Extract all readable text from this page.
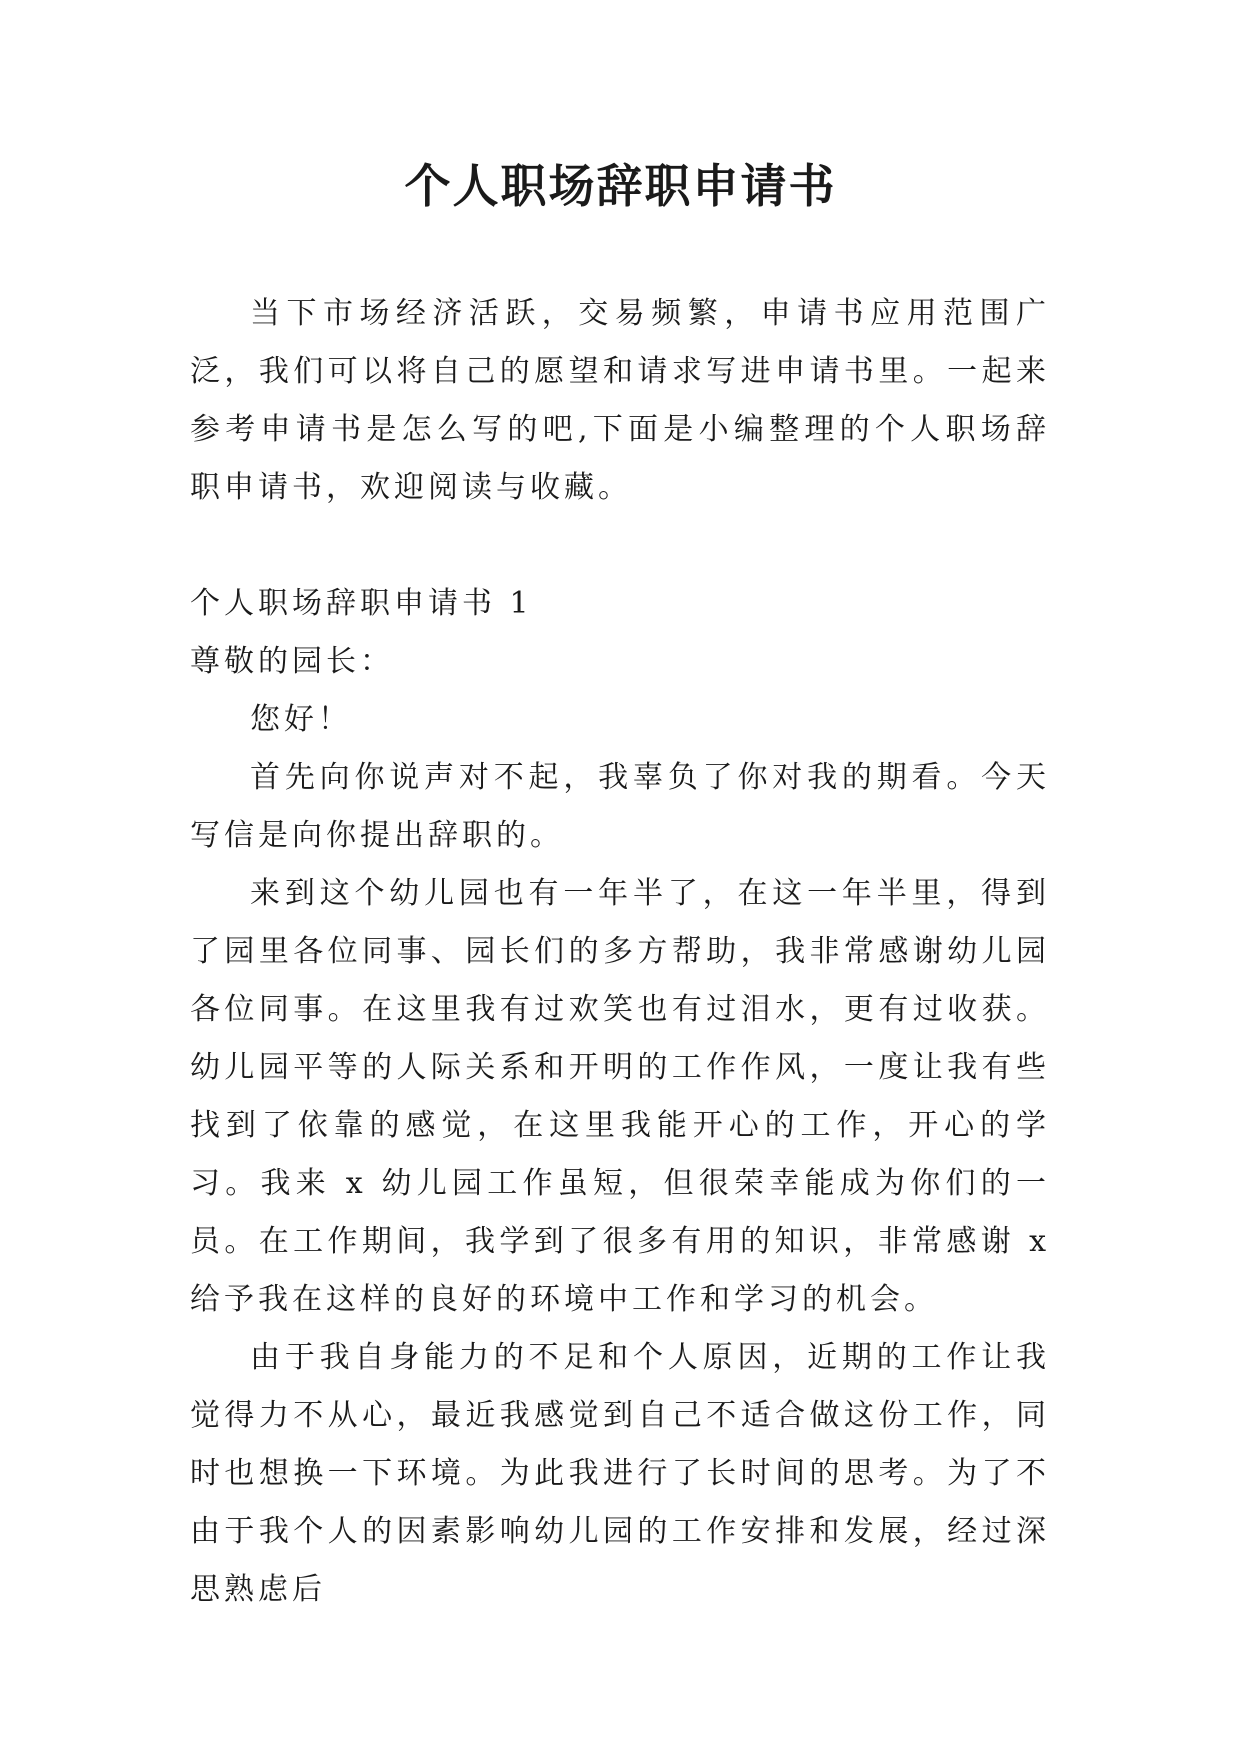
个人职场辞职申请书

当下市场经济活跃，交易频繁，申请书应用范围广泛，我们可以将自己的愿望和请求写进申请书里。一起来参考申请书是怎么写的吧,下面是小编整理的个人职场辞职申请书，欢迎阅读与收藏。

个人职场辞职申请书 1

尊敬的园长：

您好！

首先向你说声对不起，我辜负了你对我的期看。今天写信是向你提出辞职的。

来到这个幼儿园也有一年半了，在这一年半里，得到了园里各位同事、园长们的多方帮助，我非常感谢幼儿园各位同事。在这里我有过欢笑也有过泪水，更有过收获。幼儿园平等的人际关系和开明的工作作风，一度让我有些找到了依靠的感觉，在这里我能开心的工作，开心的学习。我来 x 幼儿园工作虽短，但很荣幸能成为你们的一员。在工作期间，我学到了很多有用的知识，非常感谢 x 给予我在这样的良好的环境中工作和学习的机会。

由于我自身能力的不足和个人原因，近期的工作让我觉得力不从心，最近我感觉到自己不适合做这份工作，同时也想换一下环境。为此我进行了长时间的思考。为了不由于我个人的因素影响幼儿园的工作安排和发展，经过深思熟虑后
